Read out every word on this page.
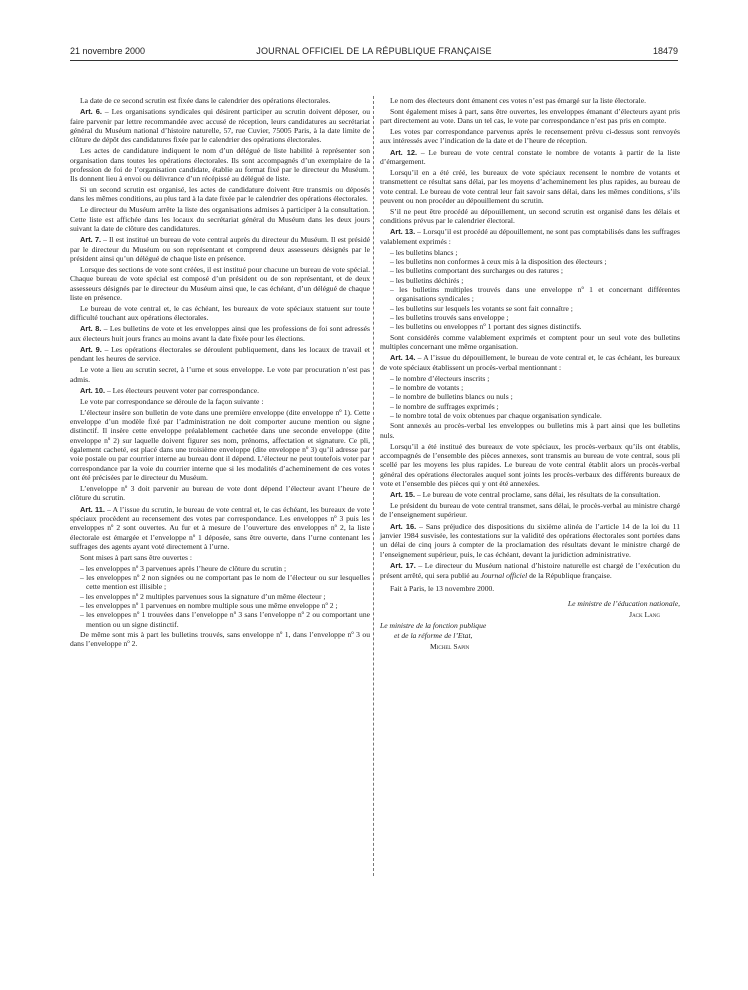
21 novembre 2000	JOURNAL OFFICIEL DE LA RÉPUBLIQUE FRANÇAISE	18479

La date de ce second scrutin est fixée dans le calendrier des opérations électorales.

Art. 6. – Les organisations syndicales qui désirent participer au scrutin doivent déposer, ou faire parvenir par lettre recommandée avec accusé de réception, leurs candidatures au secrétariat général du Muséum national d’histoire naturelle, 57, rue Cuvier, 75005 Paris, à la date limite de clôture de dépôt des candidatures fixée par le calendrier des opérations électorales.

Les actes de candidature indiquent le nom d’un délégué de liste habilité à représenter son organisation dans toutes les opérations électorales. Ils sont accompagnés d’un exemplaire de la profession de foi de l’organisation candidate, établie au format fixé par le directeur du Muséum. Ils donnent lieu à envoi ou délivrance d’un récépissé au délégué de liste.

Si un second scrutin est organisé, les actes de candidature doivent être transmis ou déposés dans les mêmes conditions, au plus tard à la date fixée par le calendrier des opérations électorales.

Le directeur du Muséum arrête la liste des organisations admises à participer à la consultation. Cette liste est affichée dans les locaux du secrétariat général du Muséum dans les deux jours suivant la date de clôture des candidatures.

Art. 7. – Il est institué un bureau de vote central auprès du directeur du Muséum. Il est présidé par le directeur du Muséum ou son représentant et comprend deux assesseurs désignés par le président ainsi qu’un délégué de chaque liste en présence.

Lorsque des sections de vote sont créées, il est institué pour chacune un bureau de vote spécial. Chaque bureau de vote spécial est composé d’un président ou de son représentant, et de deux assesseurs désignés par le directeur du Muséum ainsi que, le cas échéant, d’un délégué de chaque liste en présence.

Le bureau de vote central et, le cas échéant, les bureaux de vote spéciaux statuent sur toute difficulté touchant aux opérations électorales.

Art. 8. – Les bulletins de vote et les enveloppes ainsi que les professions de foi sont adressés aux électeurs huit jours francs au moins avant la date fixée pour les élections.

Art. 9. – Les opérations électorales se déroulent publiquement, dans les locaux de travail et pendant les heures de service.

Le vote a lieu au scrutin secret, à l’urne et sous enveloppe. Le vote par procuration n’est pas admis.

Art. 10. – Les électeurs peuvent voter par correspondance.

Le vote par correspondance se déroule de la façon suivante :

L’électeur insère son bulletin de vote dans une première enveloppe (dite enveloppe nº 1). Cette enveloppe d’un modèle fixé par l’administration ne doit comporter aucune mention ou signe distinctif. Il insère cette enveloppe préalablement cachetée dans une seconde enveloppe (dite enveloppe nº 2) sur laquelle doivent figurer ses nom, prénoms, affectation et signature. Ce pli, également cacheté, est placé dans une troisième enveloppe (dite enveloppe nº 3) qu’il adresse par voie postale ou par courrier interne au bureau dont il dépend. L’électeur ne peut toutefois voter par correspondance par la voie du courrier interne que si les modalités d’acheminement de ces votes ont été précisées par le directeur du Muséum.

L’enveloppe nº 3 doit parvenir au bureau de vote dont dépend l’électeur avant l’heure de clôture du scrutin.

Art. 11. – A l’issue du scrutin, le bureau de vote central et, le cas échéant, les bureaux de vote spéciaux procèdent au recensement des votes par correspondance. Les enveloppes nº 3 puis les enveloppes nº 2 sont ouvertes. Au fur et à mesure de l’ouverture des enveloppes nº 2, la liste électorale est émargée et l’enveloppe nº 1 déposée, sans être ouverte, dans l’urne contenant les suffrages des agents ayant voté directement à l’urne.

Sont mises à part sans être ouvertes :

– les enveloppes nº 3 parvenues après l’heure de clôture du scrutin ;
– les enveloppes nº 2 non signées ou ne comportant pas le nom de l’électeur ou sur lesquelles cette mention est illisible ;
– les enveloppes nº 2 multiples parvenues sous la signature d’un même électeur ;
– les enveloppes nº 1 parvenues en nombre multiple sous une même enveloppe nº 2 ;
– les enveloppes nº 1 trouvées dans l’enveloppe nº 3 sans l’enveloppe nº 2 ou comportant une mention ou un signe distinctif.

De même sont mis à part les bulletins trouvés, sans enveloppe nº 1, dans l’enveloppe nº 3 ou dans l’enveloppe nº 2.

Le nom des électeurs dont émanent ces votes n’est pas émargé sur la liste électorale.

Sont également mises à part, sans être ouvertes, les enveloppes émanant d’électeurs ayant pris part directement au vote. Dans un tel cas, le vote par correspondance n’est pas pris en compte.

Les votes par correspondance parvenus après le recensement prévu ci-dessus sont renvoyés aux intéressés avec l’indication de la date et de l’heure de réception.

Art. 12. – Le bureau de vote central constate le nombre de votants à partir de la liste d’émargement.

Lorsqu’il en a été créé, les bureaux de vote spéciaux recensent le nombre de votants et transmettent ce résultat sans délai, par les moyens d’acheminement les plus rapides, au bureau de vote central. Le bureau de vote central leur fait savoir sans délai, dans les mêmes conditions, s’ils peuvent ou non procéder au dépouillement du scrutin.

S’il ne peut être procédé au dépouillement, un second scrutin est organisé dans les délais et conditions prévus par le calendrier électoral.

Art. 13. – Lorsqu’il est procédé au dépouillement, ne sont pas comptabilisés dans les suffrages valablement exprimés :

– les bulletins blancs ;
– les bulletins non conformes à ceux mis à la disposition des électeurs ;
– les bulletins comportant des surcharges ou des ratures ;
– les bulletins déchirés ;
– les bulletins multiples trouvés dans une enveloppe nº 1 et concernant différentes organisations syndicales ;
– les bulletins sur lesquels les votants se sont fait connaître ;
– les bulletins trouvés sans enveloppe ;
– les bulletins ou enveloppes nº 1 portant des signes distinctifs.

Sont considérés comme valablement exprimés et comptent pour un seul vote des bulletins multiples concernant une même organisation.

Art. 14. – A l’issue du dépouillement, le bureau de vote central et, le cas échéant, les bureaux de vote spéciaux établissent un procès-verbal mentionnant :

– le nombre d’électeurs inscrits ;
– le nombre de votants ;
– le nombre de bulletins blancs ou nuls ;
– le nombre de suffrages exprimés ;
– le nombre total de voix obtenues par chaque organisation syndicale.

Sont annexés au procès-verbal les enveloppes ou bulletins mis à part ainsi que les bulletins nuls.

Lorsqu’il a été institué des bureaux de vote spéciaux, les procès-verbaux qu’ils ont établis, accompagnés de l’ensemble des pièces annexes, sont transmis au bureau de vote central, sous pli scellé par les moyens les plus rapides. Le bureau de vote central établit alors un procès-verbal général des opérations électorales auquel sont joints les procès-verbaux des différents bureaux de vote et l’ensemble des pièces qui y ont été annexées.

Art. 15. – Le bureau de vote central proclame, sans délai, les résultats de la consultation.

Le président du bureau de vote central transmet, sans délai, le procès-verbal au ministre chargé de l’enseignement supérieur.

Art. 16. – Sans préjudice des dispositions du sixième alinéa de l’article 14 de la loi du 11 janvier 1984 susvisée, les contestations sur la validité des opérations électorales sont portées dans un délai de cinq jours à compter de la proclamation des résultats devant le ministre chargé de l’enseignement supérieur, puis, le cas échéant, devant la juridiction administrative.

Art. 17. – Le directeur du Muséum national d’histoire naturelle est chargé de l’exécution du présent arrêté, qui sera publié au Journal officiel de la République française.

Fait à Paris, le 13 novembre 2000.

Le ministre de l’éducation nationale,

Jack Lang

Le ministre de la fonction publique
et de la réforme de l’Etat,

Michel Sapin
